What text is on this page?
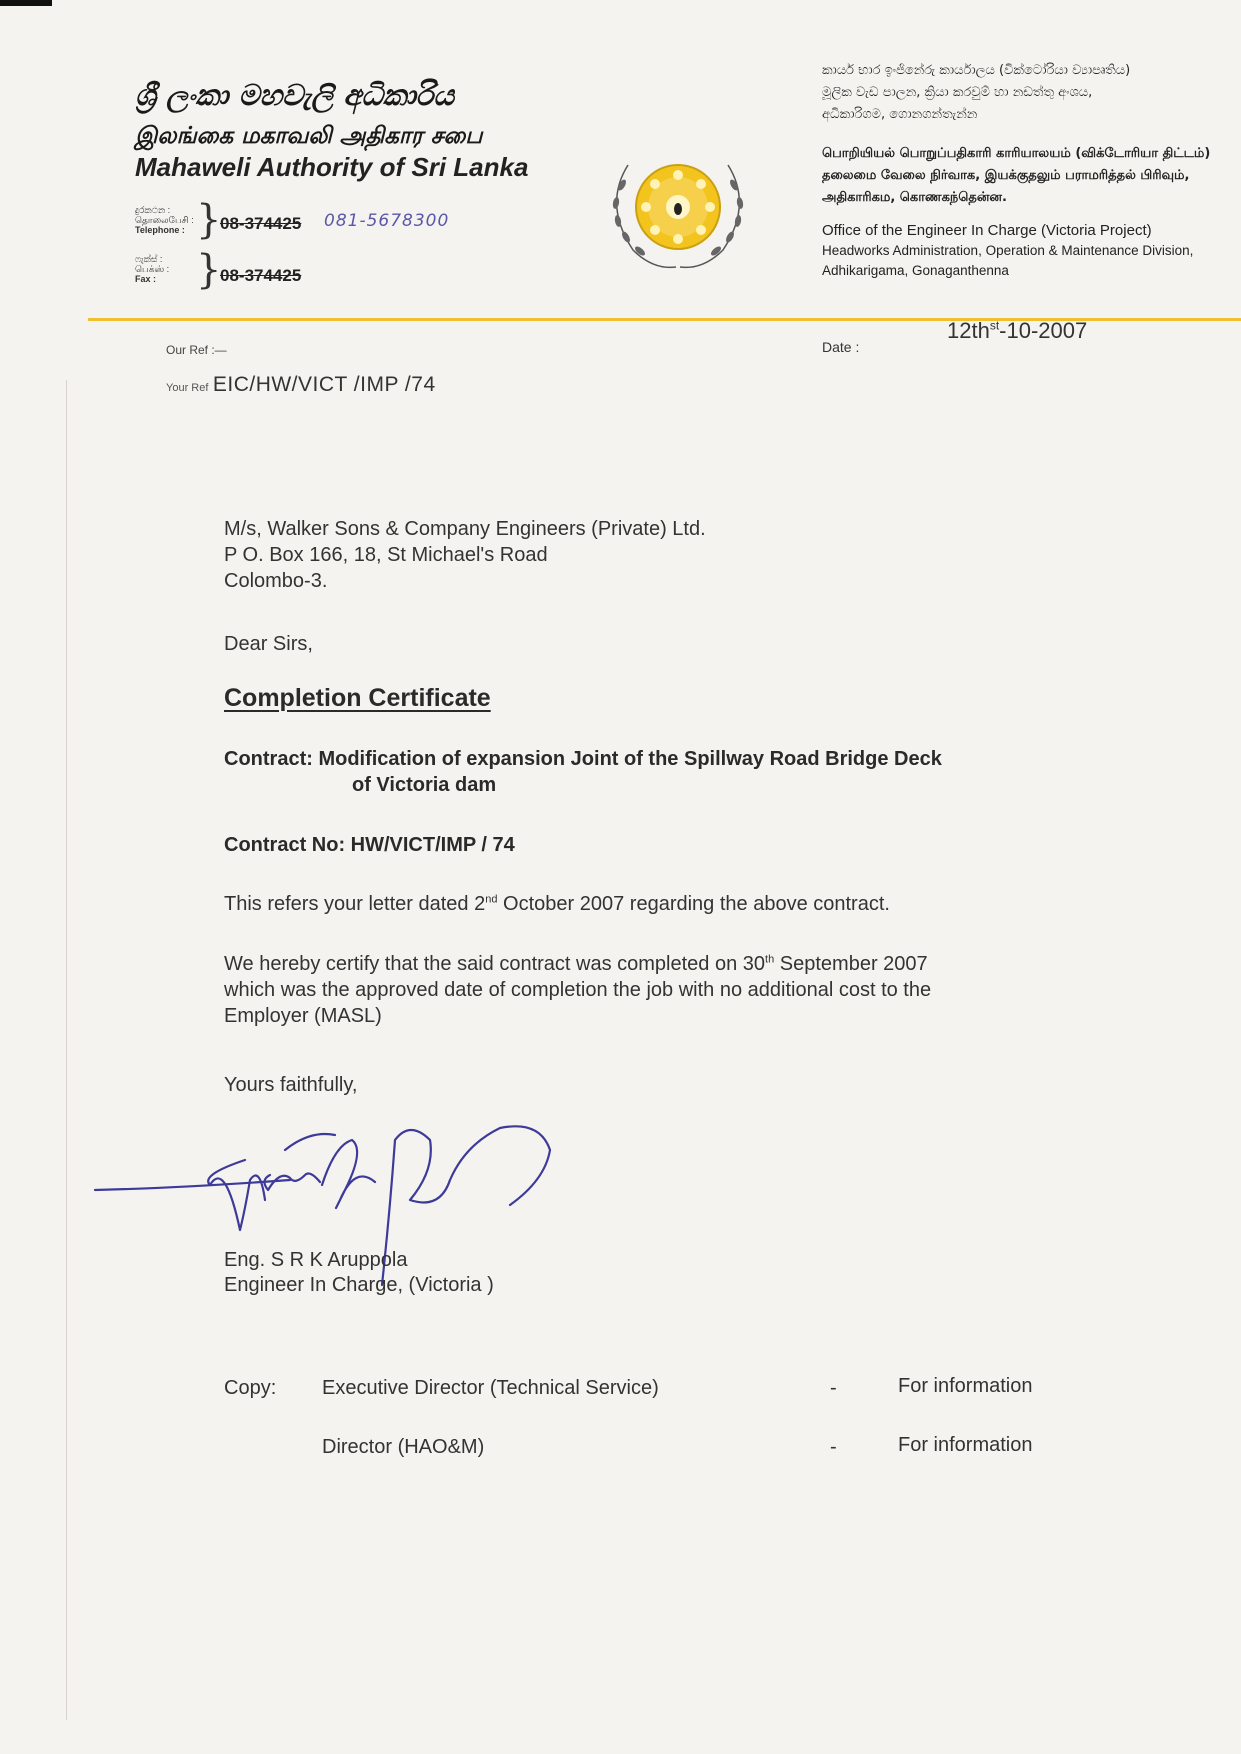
ශ්‍රී ලංකා මහවැලි අධිකාරිය
இலங்கை மகாவலி அதிகார சபை
Mahaweli Authority of Sri Lanka
දුරකථන :
தொலைபேசி :
Telephone : }
08-374425 081-5678300
ෆැක්ස් :
பெக்ஸ் :
Fax : }
08-374425
කාර්ය භාර ඉංජිනේරු කාර්යාලය (වික්ටෝරියා ව්‍යාපෘතිය)
මූලික වැඩ පාලන, ක්‍රියා කරවුම් හා නඩත්තු අංශය,
අධිකාරිගම, ගොනගන්තැන්න
பொறியியல் பொறுப்பதிகாரி காரியாலயம் (விக்டோரியா திட்டம்)
தலைமை வேலை நிர்வாக, இயக்குதலும் பராமரித்தல் பிரிவும்,
அதிகாரிகம, கொணகந்தென்ன.
Office of the Engineer In Charge (Victoria Project)
Headworks Administration, Operation & Maintenance Division,
Adhikarigama, Gonaganthenna
Our Ref :—
Your Ref EIC/HW/VICT /IMP /74
Date :
$12th^{st}-10-2007$
M/s, Walker Sons & Company Engineers (Private) Ltd.
P O. Box 166, 18, St Michael's Road
Colombo-3.
Dear Sirs,
Completion Certificate
Contract: Modification of expansion Joint of the Spillway Road Bridge Deck
of Victoria dam
Contract No: HW/VICT/IMP / 74
This refers your letter dated 2nd October 2007 regarding the above contract.
We hereby certify that the said contract was completed on 30th September 2007
which was the approved date of completion the job with no additional cost to the
Employer (MASL)
Yours faithfully,
Eng. S R K Aruppola
Engineer In Charge, (Victoria )
Copy: Executive Director (Technical Service)	-	For information
Director (HAO&M)	-	For information
